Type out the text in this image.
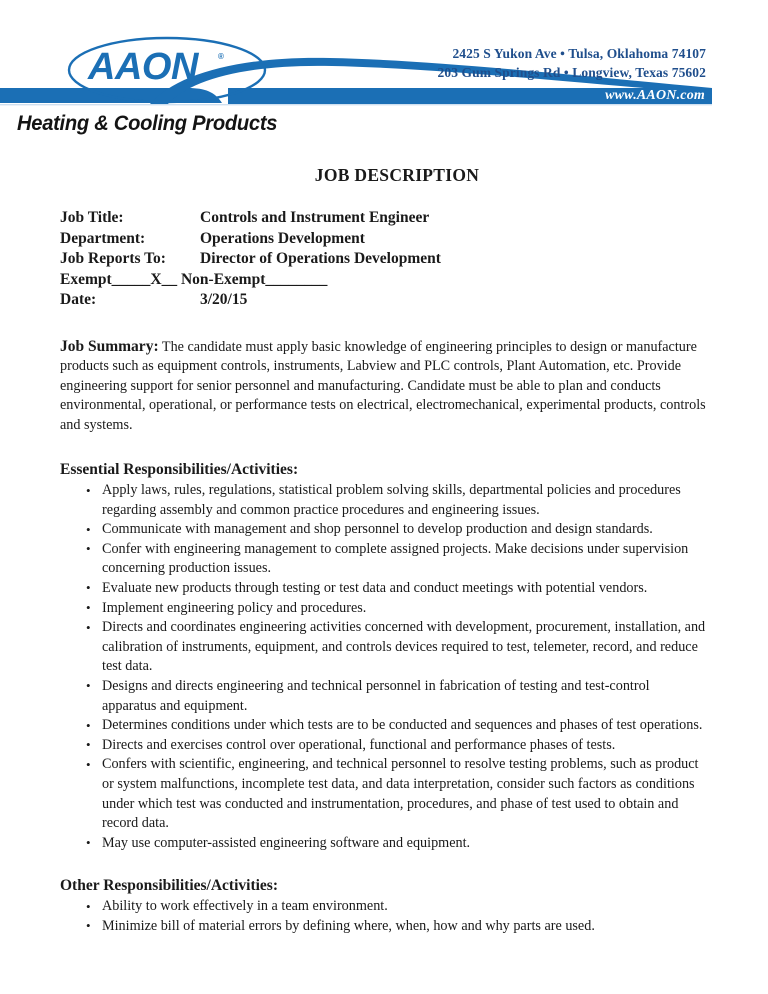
AAON	®	2425 S Yukon Ave • Tulsa, Oklahoma 74107
203 Gum Springs Rd • Longview, Texas 75602
www.AAON.com
Heating & Cooling Products
JOB DESCRIPTION
Job Title:	Controls and Instrument Engineer
Department:	Operations Development
Job Reports To:	Director of Operations Development
Exempt_____X__ Non-Exempt________
Date:	3/20/15

Job Summary: The candidate must apply basic knowledge of engineering principles to design or manufacture products such as equipment controls, instruments, Labview and PLC controls, Plant Automation, etc. Provide engineering support for senior personnel and manufacturing. Candidate must be able to plan and conducts environmental, operational, or performance tests on electrical, electromechanical, experimental products, controls and systems.

Essential Responsibilities/Activities:
• Apply laws, rules, regulations, statistical problem solving skills, departmental policies and procedures regarding assembly and common practice procedures and engineering issues.
• Communicate with management and shop personnel to develop production and design standards.
• Confer with engineering management to complete assigned projects. Make decisions under supervision concerning production issues.
• Evaluate new products through testing or test data and conduct meetings with potential vendors.
• Implement engineering policy and procedures.
• Directs and coordinates engineering activities concerned with development, procurement, installation, and calibration of instruments, equipment, and controls devices required to test, telemeter, record, and reduce test data.
• Designs and directs engineering and technical personnel in fabrication of testing and test-control apparatus and equipment.
• Determines conditions under which tests are to be conducted and sequences and phases of test operations.
• Directs and exercises control over operational, functional and performance phases of tests.
• Confers with scientific, engineering, and technical personnel to resolve testing problems, such as product or system malfunctions, incomplete test data, and data interpretation, consider such factors as conditions under which test was conducted and instrumentation, procedures, and phase of test used to obtain and record data.
• May use computer-assisted engineering software and equipment.
Other Responsibilities/Activities:
• Ability to work effectively in a team environment.
• Minimize bill of material errors by defining where, when, how and why parts are used.
